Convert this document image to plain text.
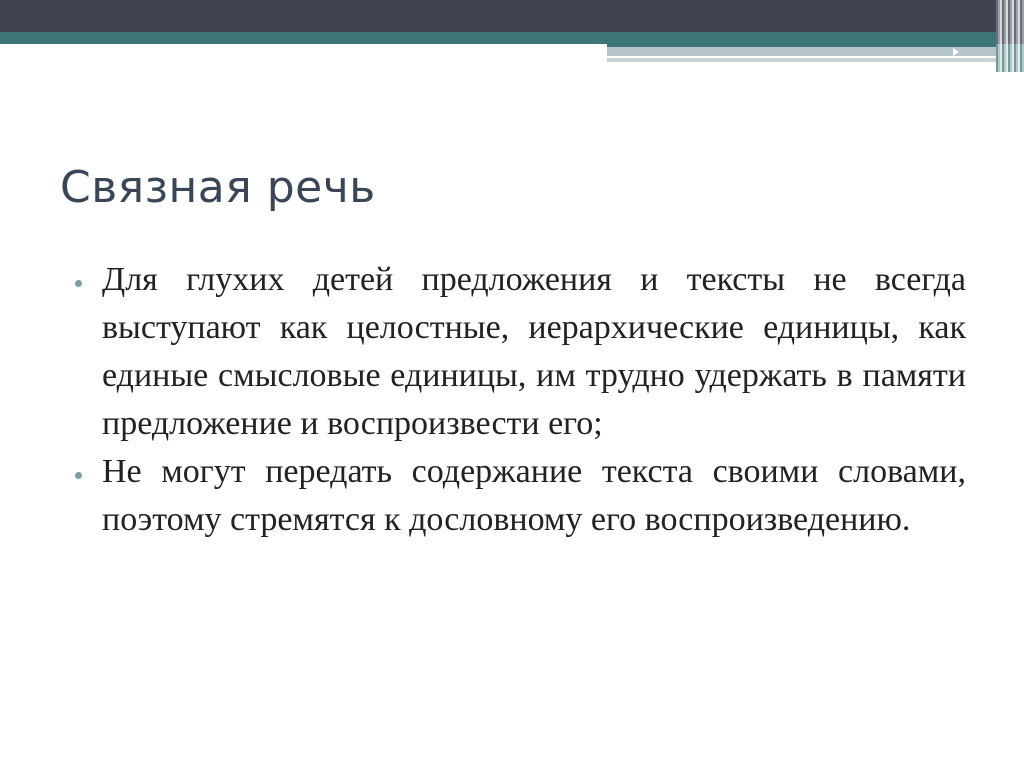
Связная речь
Для глухих детей предложения и тексты не всегда выступают как целостные, иерархические единицы, как единые смысловые единицы, им трудно удержать в памяти предложение и воспроизвести его;
Не могут передать содержание текста своими словами, поэтому стремятся к дословному его воспроизведению.
